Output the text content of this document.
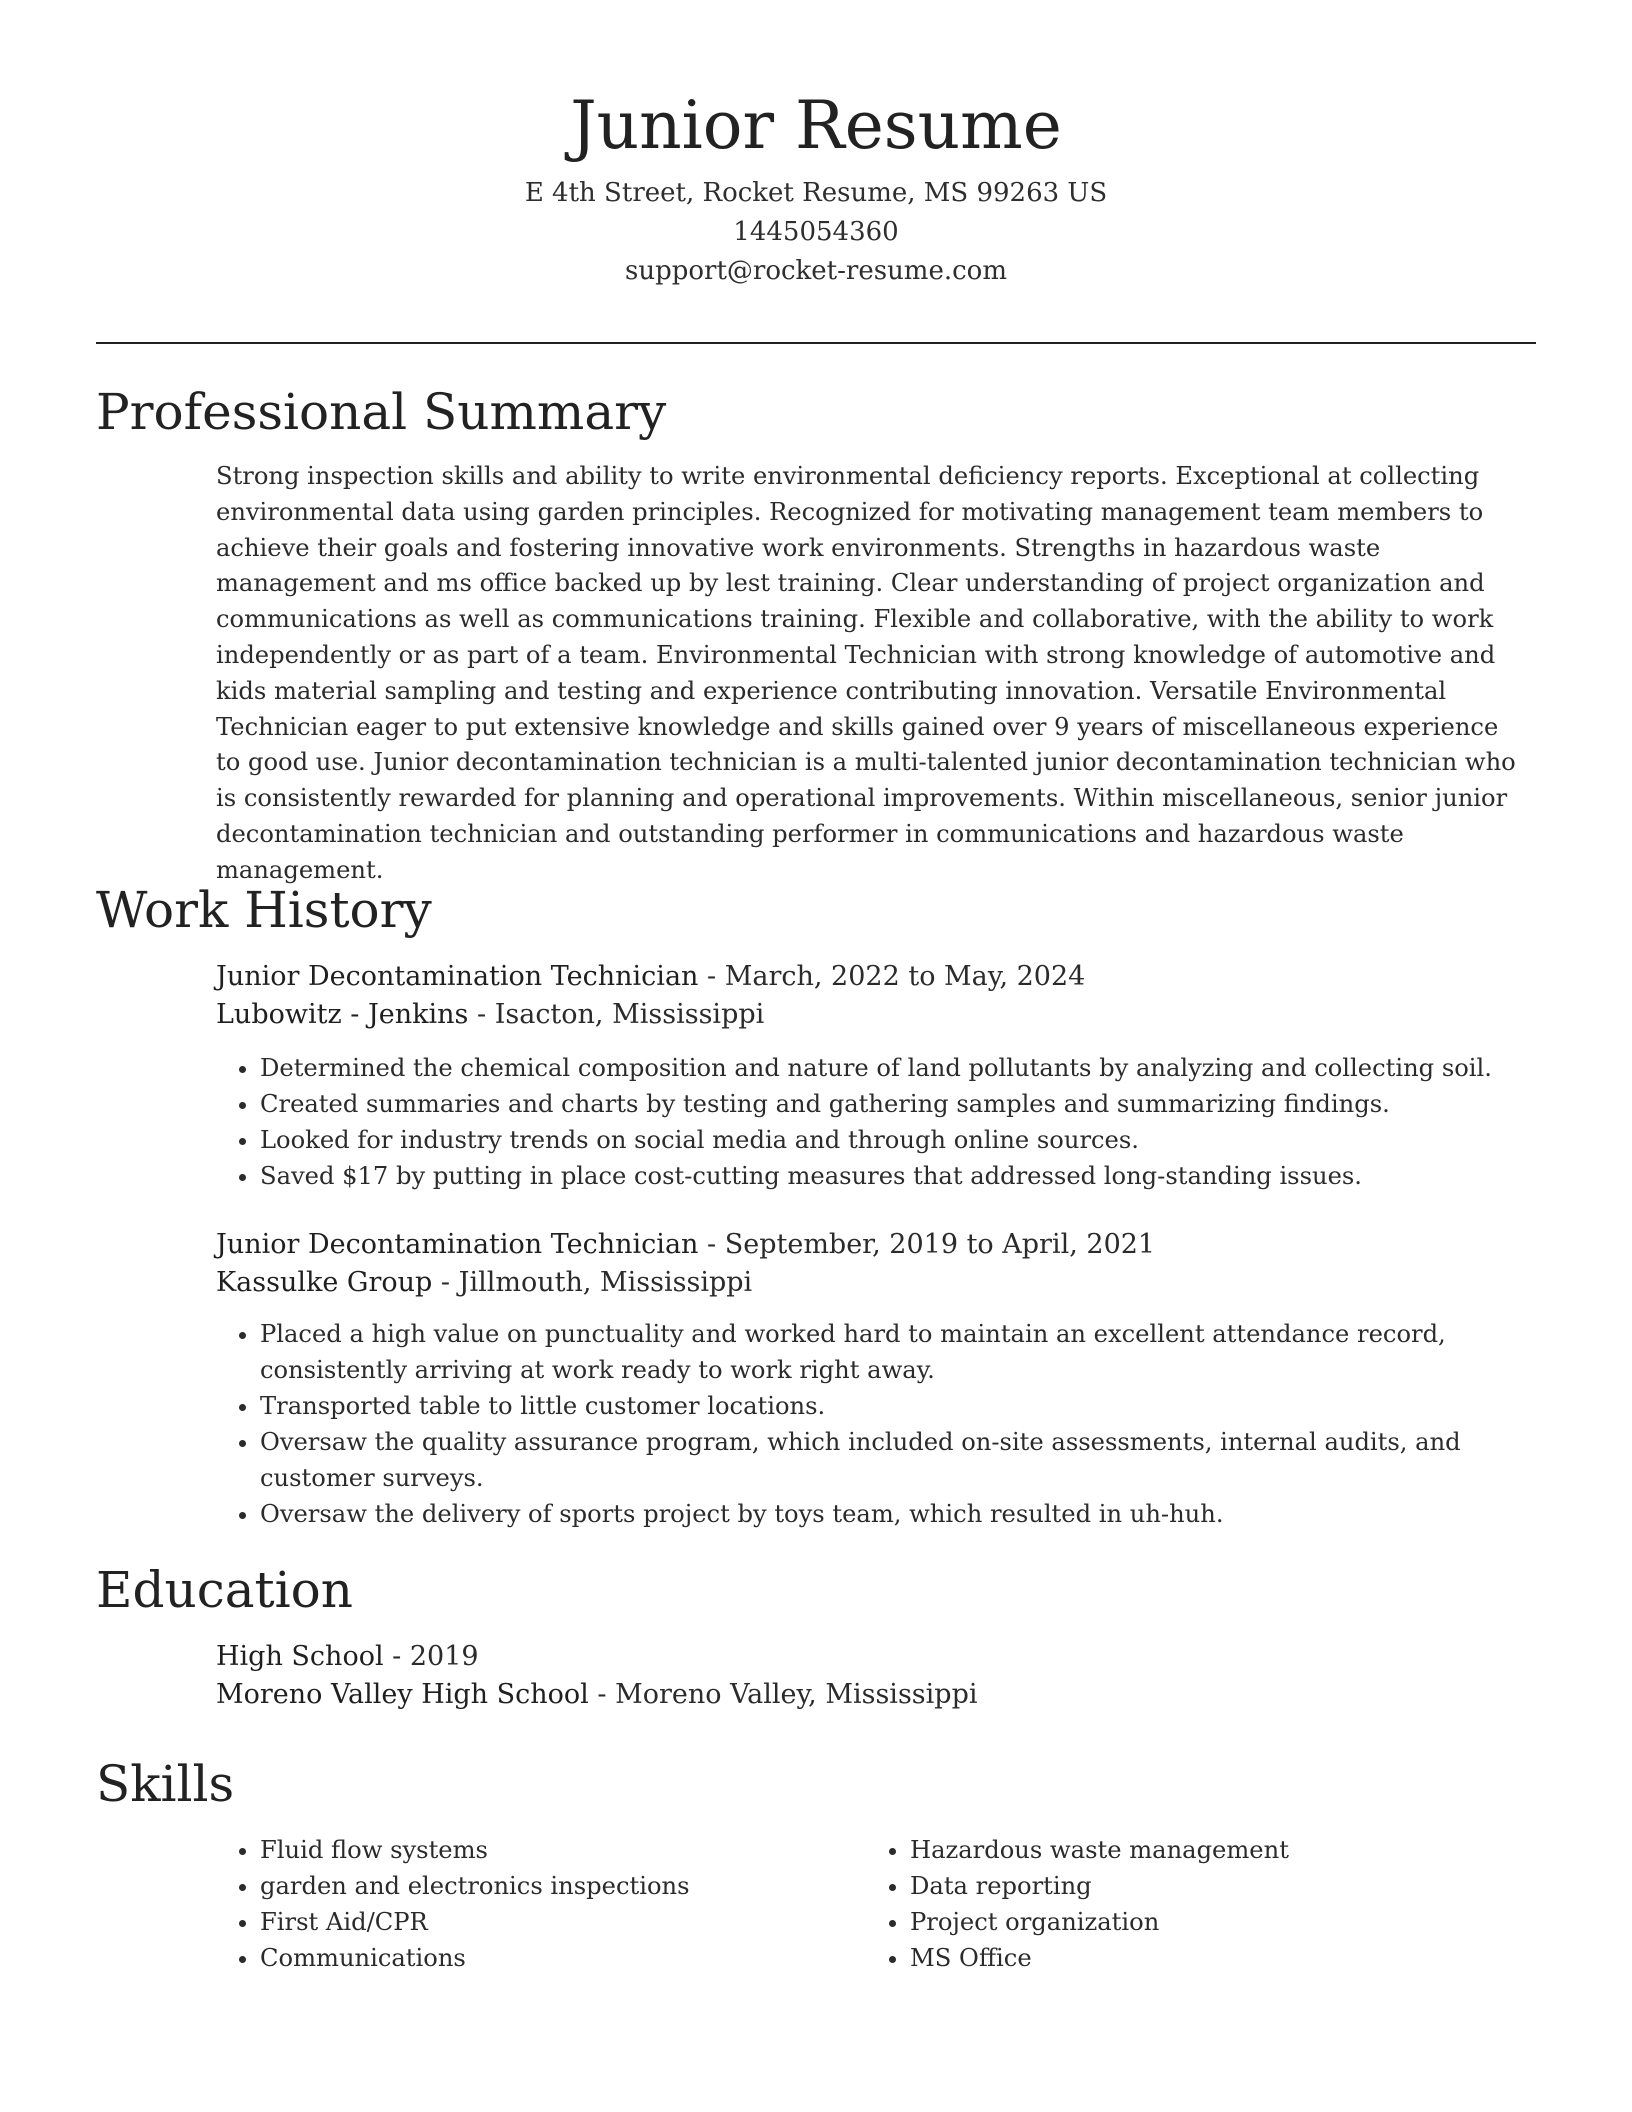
Junior Resume
E 4th Street, Rocket Resume, MS 99263 US
1445054360
support@rocket-resume.com
Professional Summary
Strong inspection skills and ability to write environmental deficiency reports. Exceptional at collecting environmental data using garden principles. Recognized for motivating management team members to achieve their goals and fostering innovative work environments. Strengths in hazardous waste management and ms office backed up by lest training. Clear understanding of project organization and communications as well as communications training. Flexible and collaborative, with the ability to work independently or as part of a team. Environmental Technician with strong knowledge of automotive and kids material sampling and testing and experience contributing innovation. Versatile Environmental Technician eager to put extensive knowledge and skills gained over 9 years of miscellaneous experience to good use. Junior decontamination technician is a multi-talented junior decontamination technician who is consistently rewarded for planning and operational improvements. Within miscellaneous, senior junior decontamination technician and outstanding performer in communications and hazardous waste management.
Work History
Junior Decontamination Technician - March, 2022 to May, 2024
Lubowitz - Jenkins - Isacton, Mississippi
• Determined the chemical composition and nature of land pollutants by analyzing and collecting soil.
• Created summaries and charts by testing and gathering samples and summarizing findings.
• Looked for industry trends on social media and through online sources.
• Saved $17 by putting in place cost-cutting measures that addressed long-standing issues.
Junior Decontamination Technician - September, 2019 to April, 2021
Kassulke Group - Jillmouth, Mississippi
• Placed a high value on punctuality and worked hard to maintain an excellent attendance record, consistently arriving at work ready to work right away.
• Transported table to little customer locations.
• Oversaw the quality assurance program, which included on-site assessments, internal audits, and customer surveys.
• Oversaw the delivery of sports project by toys team, which resulted in uh-huh.
Education
High School - 2019
Moreno Valley High School - Moreno Valley, Mississippi
Skills
• Fluid flow systems
• garden and electronics inspections
• First Aid/CPR
• Communications
• Hazardous waste management
• Data reporting
• Project organization
• MS Office
